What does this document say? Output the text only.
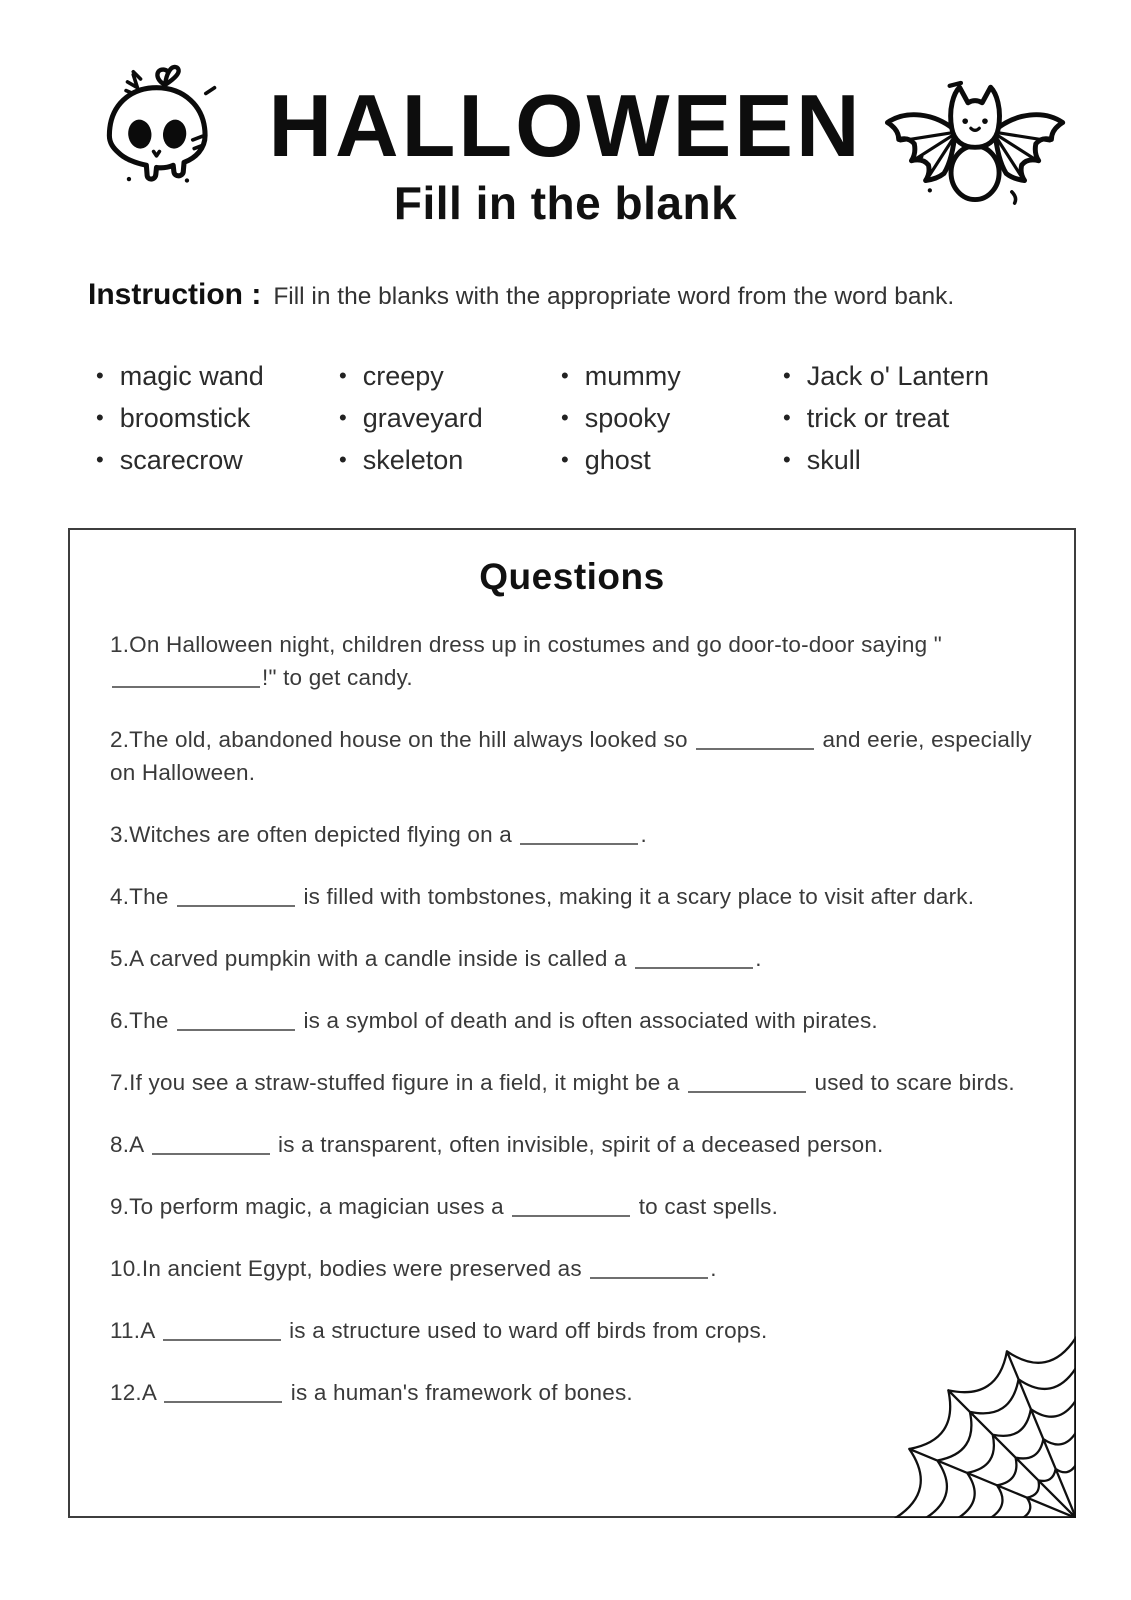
HALLOWEEN
Fill in the blank
Instruction : Fill in the blanks with the appropriate word from the word bank.
• magic wand
• broomstick
• scarecrow
• creepy
• graveyard
• skeleton
• mummy
• spooky
• ghost
• Jack o' Lantern
• trick or treat
• skull
Questions

1.On Halloween night, children dress up in costumes and go door-to-door saying "!" to get candy.

2.The old, abandoned house on the hill always looked so	and eerie, especially on Halloween.

3.Witches are often depicted flying on a	.

4.The	is filled with tombstones, making it a scary place to visit after dark.

5.A carved pumpkin with a candle inside is called a	.

6.The	is a symbol of death and is often associated with pirates.

7.If you see a straw-stuffed figure in a field, it might be a	used to scare birds.

8.A	is a transparent, often invisible, spirit of a deceased person.

9.To perform magic, a magician uses a	to cast spells.

10.In ancient Egypt, bodies were preserved as	.

11.A	is a structure used to ward off birds from crops.

12.A	is a human's framework of bones.
